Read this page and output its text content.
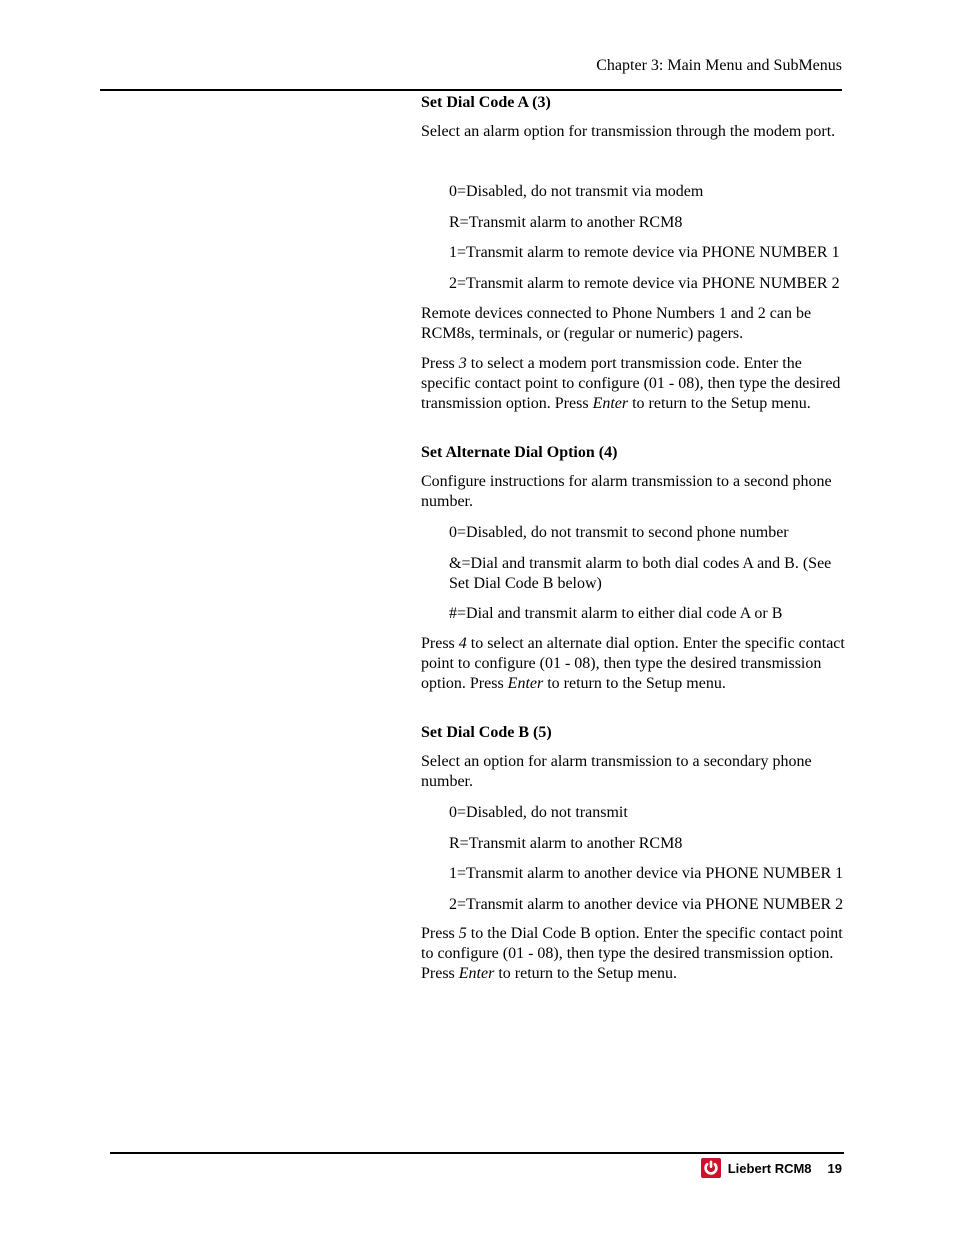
Chapter 3: Main Menu and SubMenus
Set Dial Code A (3)

Select an alarm option for transmission through the modem port.

0=Disabled, do not transmit via modem

R=Transmit alarm to another RCM8

1=Transmit alarm to remote device via PHONE NUMBER 1

2=Transmit alarm to remote device via PHONE NUMBER 2

Remote devices connected to Phone Numbers 1 and 2 can be RCM8s, terminals, or (regular or numeric) pagers.

Press 3 to select a modem port transmission code. Enter the specific contact point to configure (01 - 08), then type the desired transmission option. Press Enter to return to the Setup menu.

Set Alternate Dial Option (4)

Configure instructions for alarm transmission to a second phone number.

0=Disabled, do not transmit to second phone number

&=Dial and transmit alarm to both dial codes A and B. (See Set Dial Code B below)

#=Dial and transmit alarm to either dial code A or B

Press 4 to select an alternate dial option. Enter the specific contact point to configure (01 - 08), then type the desired transmission option. Press Enter to return to the Setup menu.

Set Dial Code B (5)

Select an option for alarm transmission to a secondary phone number.

0=Disabled, do not transmit

R=Transmit alarm to another RCM8

1=Transmit alarm to another device via PHONE NUMBER 1

2=Transmit alarm to another device via PHONE NUMBER 2

Press 5 to the Dial Code B option. Enter the specific contact point to configure (01 - 08), then type the desired transmission option. Press Enter to return to the Setup menu.

Liebert RCM8 19
